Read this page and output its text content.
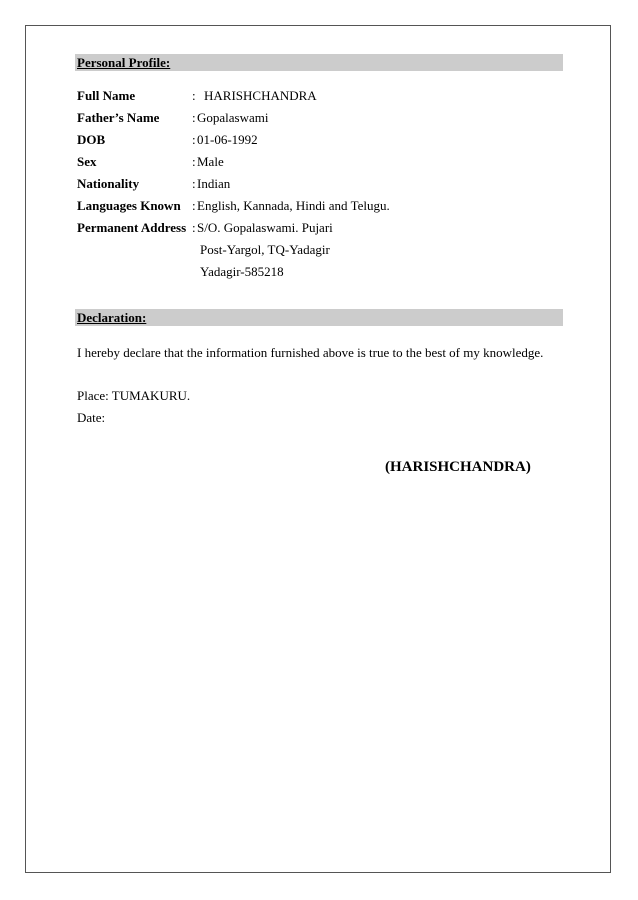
Personal Profile:
Full Name	: HARISHCHANDRA
Father’s Name	: Gopalaswami
DOB	: 01-06-1992
Sex	: Male
Nationality	: Indian
Languages Known : English, Kannada, Hindi and Telugu.
Permanent Address : S/O. Gopalaswami. Pujari
Post-Yargol, TQ-Yadagir
Yadagir-585218
Declaration:
I hereby declare that the information furnished above is true to the best of my knowledge.
Place: TUMAKURU.
Date:
(HARISHCHANDRA)
